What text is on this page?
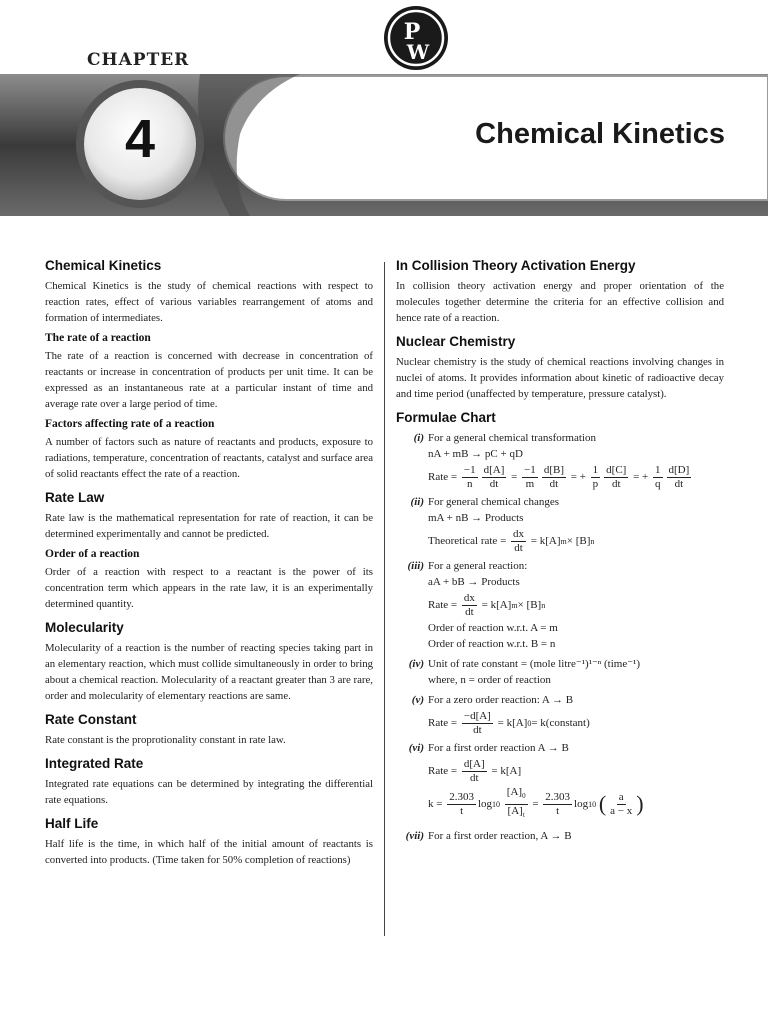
P
W
CHAPTER
4	Chemical Kinetics
Chemical Kinetics

Chemical Kinetics is the study of chemical reactions with respect to reaction rates, effect of various variables rearrangement of atoms and formation of intermediates.

The rate of a reaction

The rate of a reaction is concerned with decrease in concentration of reactants or increase in concentration of products per unit time. It can be expressed as an instantaneous rate at a particular instant of time and average rate over a large period of time.

Factors affecting rate of a reaction

A number of factors such as nature of reactants and products, exposure to radiations, temperature, concentration of reactants, catalyst and surface area of solid reactants effect the rate of a reaction.

Rate Law

Rate law is the mathematical representation for rate of reaction, it can be determined experimentally and cannot be predicted.

Order of a reaction

Order of a reaction with respect to a reactant is the power of its concentration term which appears in the rate law, it is an experimentally determined quantity.

Molecularity

Molecularity of a reaction is the number of reacting species taking part in an elementary reaction, which must collide simultaneously in order to bring about a chemical reaction. Molecularity of a reactant greater than 3 are rare, order and molecularity of elementary reactions are same.

Rate Constant

Rate constant is the proprotionality constant in rate law.

Integrated Rate

Integrated rate equations can be determined by integrating the differential rate equations.

Half Life

Half life is the time, in which half of the initial amount of reactants is converted into products. (Time taken for 50% completion of reactions)

In Collision Theory Activation Energy

In collision theory activation energy and proper orientation of the molecules together determine the criteria for an effective collision and hence rate of a reaction.

Nuclear Chemistry

Nuclear chemistry is the study of chemical reactions involving changes in nuclei of atoms. It provides information about kinetic of radioactive decay and time period (unaffected by temperature, pressure catalyst).

Formulae Chart
(i) For a general chemical transformation
nA + mB → pC + qD
Rate = $\frac{-1}{n} \frac{d[A]}{dt} = \frac{-1}{m} \frac{d[B]}{dt}$ = + $\frac{1}{p} \frac{d[C]}{dt}$ = + $\frac{1}{q} \frac{d[D]}{dt}$
(ii) For general chemical changes
mA + nB → Products
Theoretical rate =
$\frac{dx}{dt} = k[A] m \times [B]$ n
(iii) For a general reaction:
aA + bB → Products
Rate = $\frac{dx}{dt} = k[A] m \times [B]$ n
Order of reaction w.r.t. A = m
Order of reaction w.r.t. B = n
(iv) Unit of rate constant = (mole litre⁻¹)¹⁻ⁿ (time⁻¹)
where, n = order of reaction
(v) For a zero order reaction: A → B
Rate = $\frac{-d[A]}{dt} = k[A] 0$ = k(constant)
(vi) For a first order reaction A → B
Rate = $\frac{d[A]}{dt} = k[A]$
$k = \frac{2.303}{t}$ log 10
$\frac{[A]_0}{[A]_t} = \frac{2.303}{t}$ log 10
( $\frac{a}{a - x}$ )
(vii) For a first order reaction, A → B
